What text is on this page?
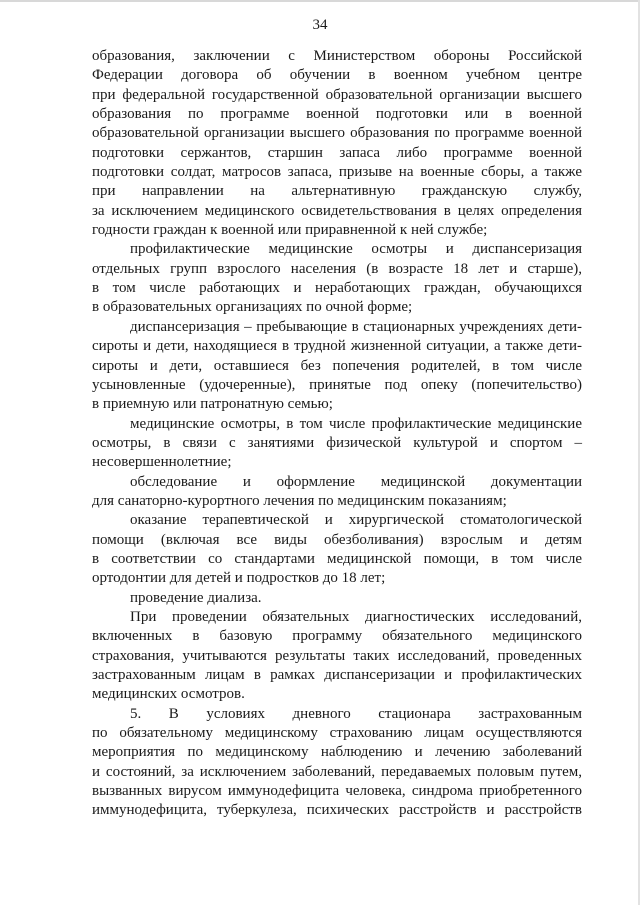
34
образования, заключении с Министерством обороны Российской
Федерации договора об обучении в военном учебном центре
при федеральной государственной образовательной организации высшего
образования по программе военной подготовки или в военной
образовательной организации высшего образования по программе военной
подготовки сержантов, старшин запаса либо программе военной
подготовки солдат, матросов запаса, призыве на военные сборы, а также
при направлении на альтернативную гражданскую службу,
за исключением медицинского освидетельствования в целях определения
годности граждан к военной или приравненной к ней службе;
профилактические медицинские осмотры и диспансеризация
отдельных групп взрослого населения (в возрасте 18 лет и старше),
в том числе работающих и неработающих граждан, обучающихся
в образовательных организациях по очной форме;
диспансеризация – пребывающие в стационарных учреждениях дети-
сироты и дети, находящиеся в трудной жизненной ситуации, а также дети-
сироты и дети, оставшиеся без попечения родителей, в том числе
усыновленные (удочеренные), принятые под опеку (попечительство)
в приемную или патронатную семью;
медицинские осмотры, в том числе профилактические медицинские
осмотры, в связи с занятиями физической культурой и спортом –
несовершеннолетние;
обследование и оформление медицинской документации
для санаторно-курортного лечения по медицинским показаниям;
оказание терапевтической и хирургической стоматологической
помощи (включая все виды обезболивания) взрослым и детям
в соответствии со стандартами медицинской помощи, в том числе
ортодонтии для детей и подростков до 18 лет;
проведение диализа.
При проведении обязательных диагностических исследований,
включенных в базовую программу обязательного медицинского
страхования, учитываются результаты таких исследований, проведенных
застрахованным лицам в рамках диспансеризации и профилактических
медицинских осмотров.
5. В условиях дневного стационара застрахованным
по обязательному медицинскому страхованию лицам осуществляются
мероприятия по медицинскому наблюдению и лечению заболеваний
и состояний, за исключением заболеваний, передаваемых половым путем,
вызванных вирусом иммунодефицита человека, синдрома приобретенного
иммунодефицита, туберкулеза, психических расстройств и расстройств
